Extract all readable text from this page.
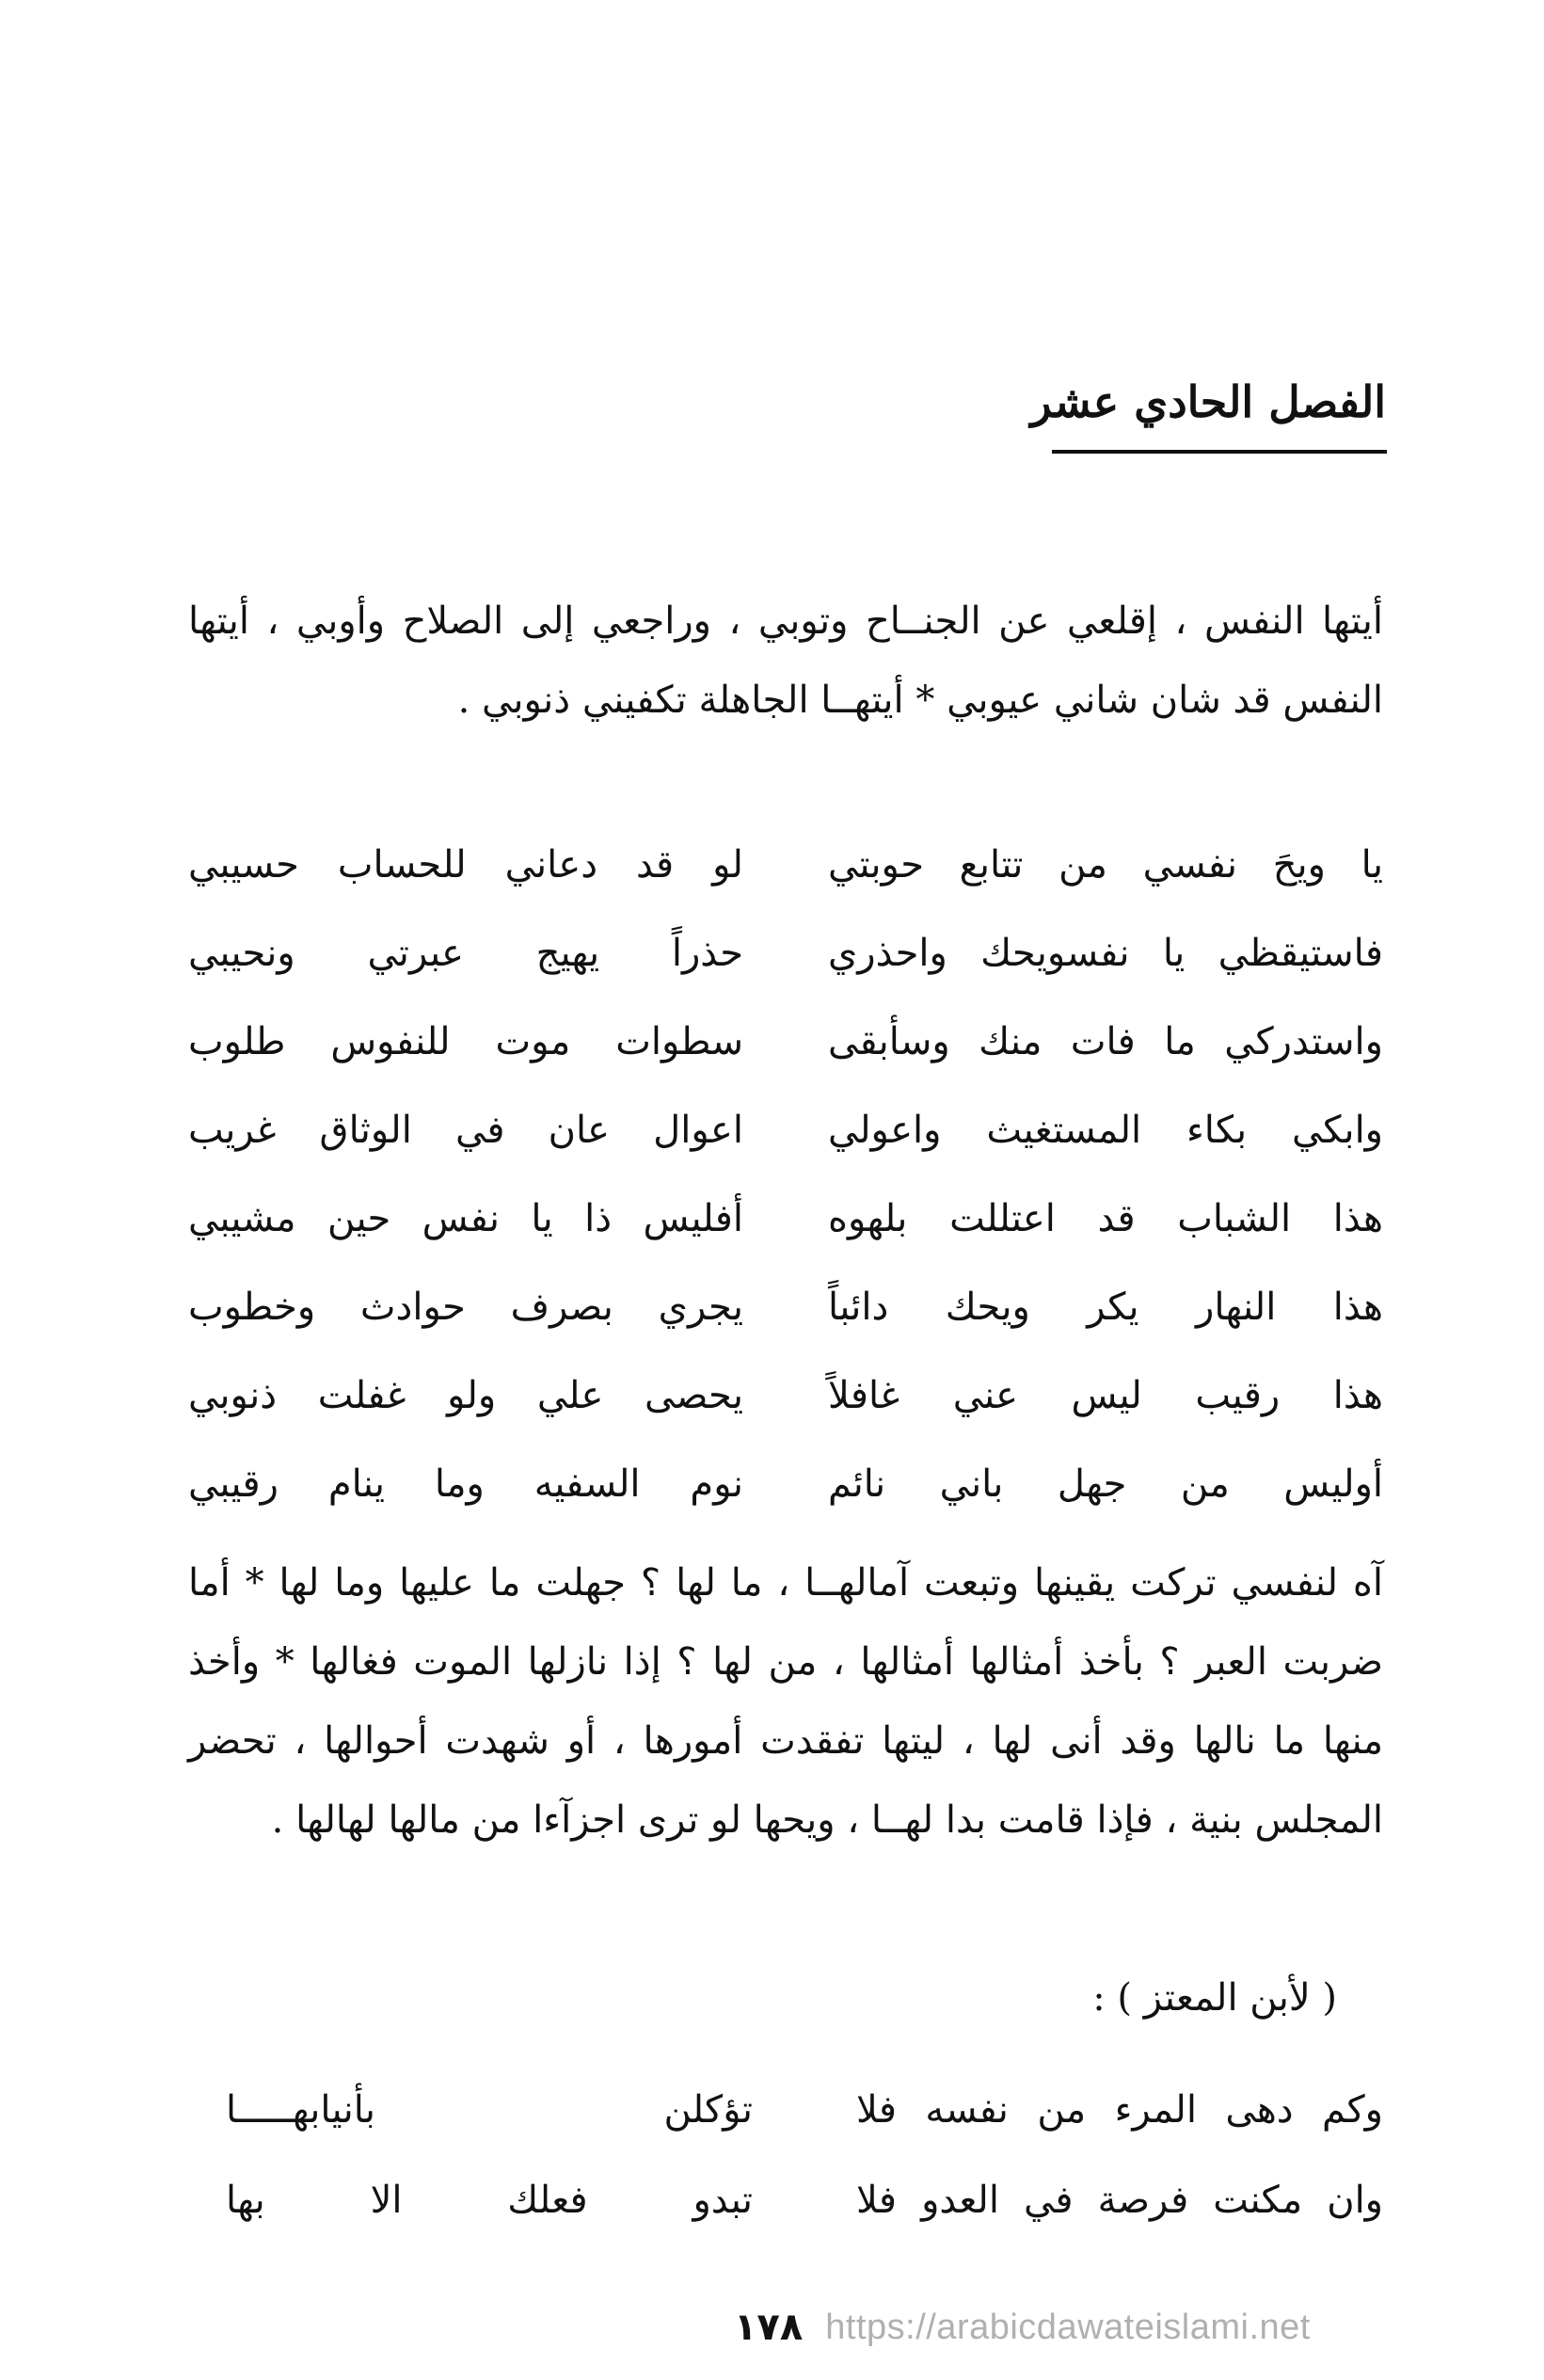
الفصل الحادي عشر

أيتها النفس ، إقلعي عن الجنــاح وتوبي ، وراجعي إلى الصلاح وأوبي ، أيتها النفس قد شان شاني عيوبي * أيتهــا الجاهلة تكفيني ذنوبي .

يا ويحَ نفسي من تتابع حوبتي
لو قد دعاني للحساب حسيبي
فاستيقظي يا نفسويحك واحذري
حذراً يهيج عبرتي ونحيبي
واستدركي ما فات منك وسأبقى
سطوات موت للنفوس طلوب
وابكي بكاء المستغيث واعولي
اعوال عان في الوثاق غريب
هذا الشباب قد اعتللت بلهوه
أفليس ذا يا نفس حين مشيبي
هذا النهار يكر ويحك دائباً
يجري بصرف حوادث وخطوب
هذا رقيب ليس عني غافلاً
يحصى علي ولو غفلت ذنوبي
أوليس من جهل باني نائم
نوم السفيه وما ينام رقيبي

آه لنفسي تركت يقينها وتبعت آمالهــا ، ما لها ؟ جهلت ما عليها وما لها * أما ضربت العبر ؟ بأخذ أمثالها أمثالها ، من لها ؟ إذا نازلها الموت فغالها * وأخذ منها ما نالها وقد أنى لها ، ليتها تفقدت أمورها ، أو شهدت أحوالها ، تحضر المجلس بنية ، فإذا قامت بدا لهــا ، ويحها لو ترى اجزآءا من مالها لهالها .

( لأبن المعتز ) :
وكم دهى المرء من نفسه فلا
تؤكلن بأنيابهـــــا
وان مكنت فرصة في العدو فلا
تبدو فعلك الا بها
١٧٨ https://arabicdawateislami.net
